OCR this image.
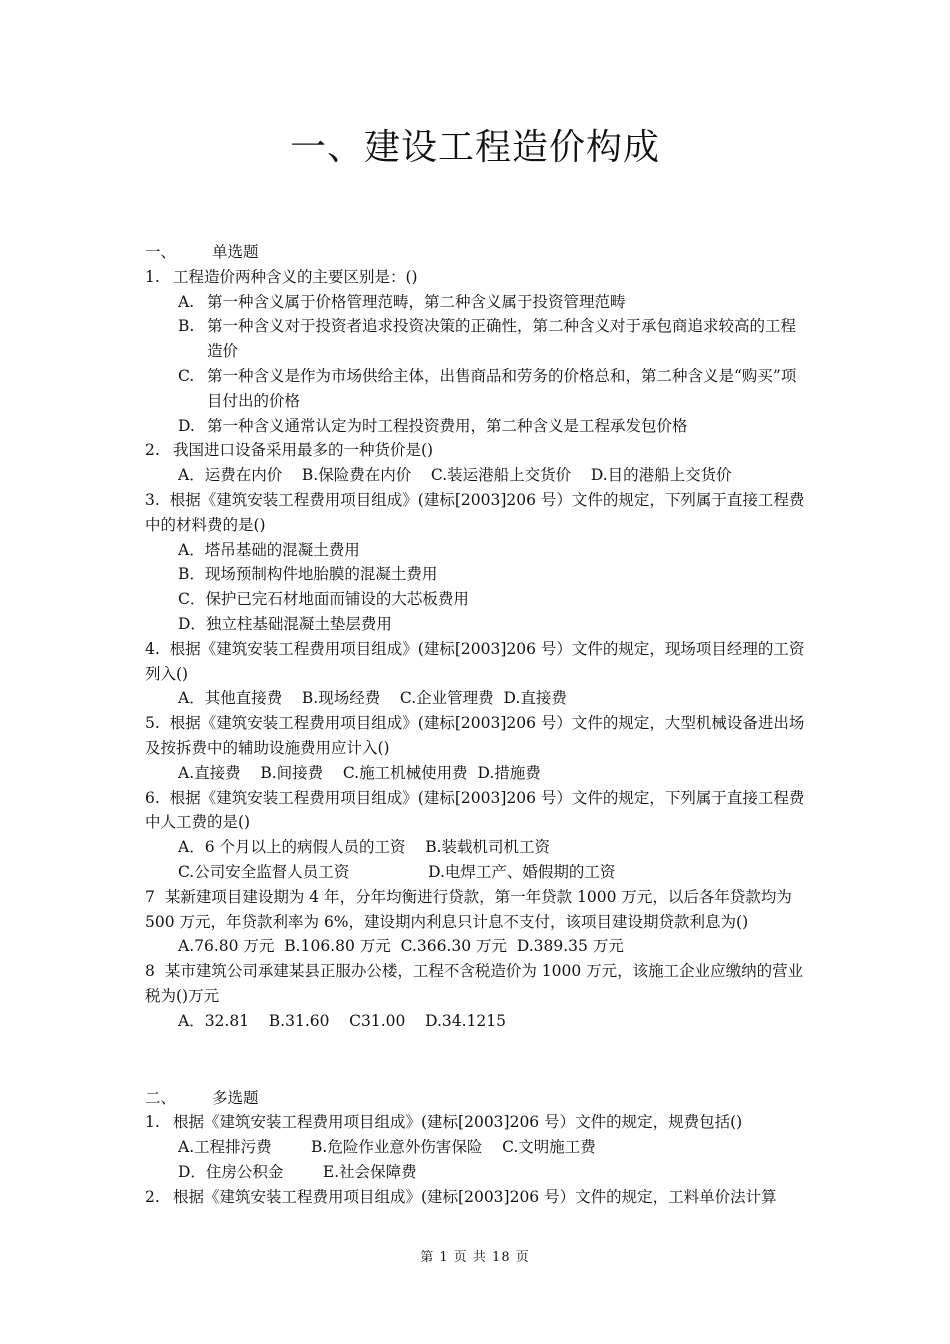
一、建设工程造价构成
一、 单选题
1. 工程造价两种含义的主要区别是：()
A. 第一种含义属于价格管理范畴，第二种含义属于投资管理范畴
B. 第一种含义对于投资者追求投资决策的正确性，第二种含义对于承包商追求较高的工程造价
C. 第一种含义是作为市场供给主体，出售商品和劳务的价格总和，第二种含义是“购买”项目付出的价格
D. 第一种含义通常认定为时工程投资费用，第二种含义是工程承发包价格
2. 我国进口设备采用最多的一种货价是()
A．运费在内价    B.保险费在内价    C.装运港船上交货价    D.目的港船上交货价
3. 根据《建筑安装工程费用项目组成》(建标[2003]206 号）文件的规定，下列属于直接工程费中的材料费的是()
A．塔吊基础的混凝土费用
B．现场预制构件地胎膜的混凝土费用
C．保护已完石材地面而铺设的大芯板费用
D．独立柱基础混凝土垫层费用
4. 根据《建筑安装工程费用项目组成》(建标[2003]206 号）文件的规定，现场项目经理的工资列入()
A．其他直接费    B.现场经费    C.企业管理费  D.直接费
5. 根据《建筑安装工程费用项目组成》(建标[2003]206 号）文件的规定，大型机械设备进出场及按拆费中的辅助设施费用应计入()
A.直接费    B.间接费    C.施工机械使用费  D.措施费
6. 根据《建筑安装工程费用项目组成》(建标[2003]206 号）文件的规定，下列属于直接工程费中人工费的是()
A．6 个月以上的病假人员的工资    B.装载机司机工资
C.公司安全监督人员工资                D.电焊工产、婚假期的工资
7 某新建项目建设期为 4 年，分年均衡进行贷款，第一年贷款 1000 万元，以后各年贷款均为 500 万元，年贷款利率为 6%，建设期内利息只计息不支付，该项目建设期贷款利息为()
A.76.80 万元  B.106.80 万元  C.366.30 万元  D.389.35 万元
8 某市建筑公司承建某县正服办公楼，工程不含税造价为 1000 万元，该施工企业应缴纳的营业税为()万元
A．32.81    B.31.60    C31.00    D.34.1215
二、 多选题
1. 根据《建筑安装工程费用项目组成》(建标[2003]206 号）文件的规定，规费包括()
A.工程排污费        B.危险作业意外伤害保险    C.文明施工费
D．住房公积金        E.社会保障费
2. 根据《建筑安装工程费用项目组成》(建标[2003]206 号）文件的规定，工料单价法计算
第 1 页 共 18 页
